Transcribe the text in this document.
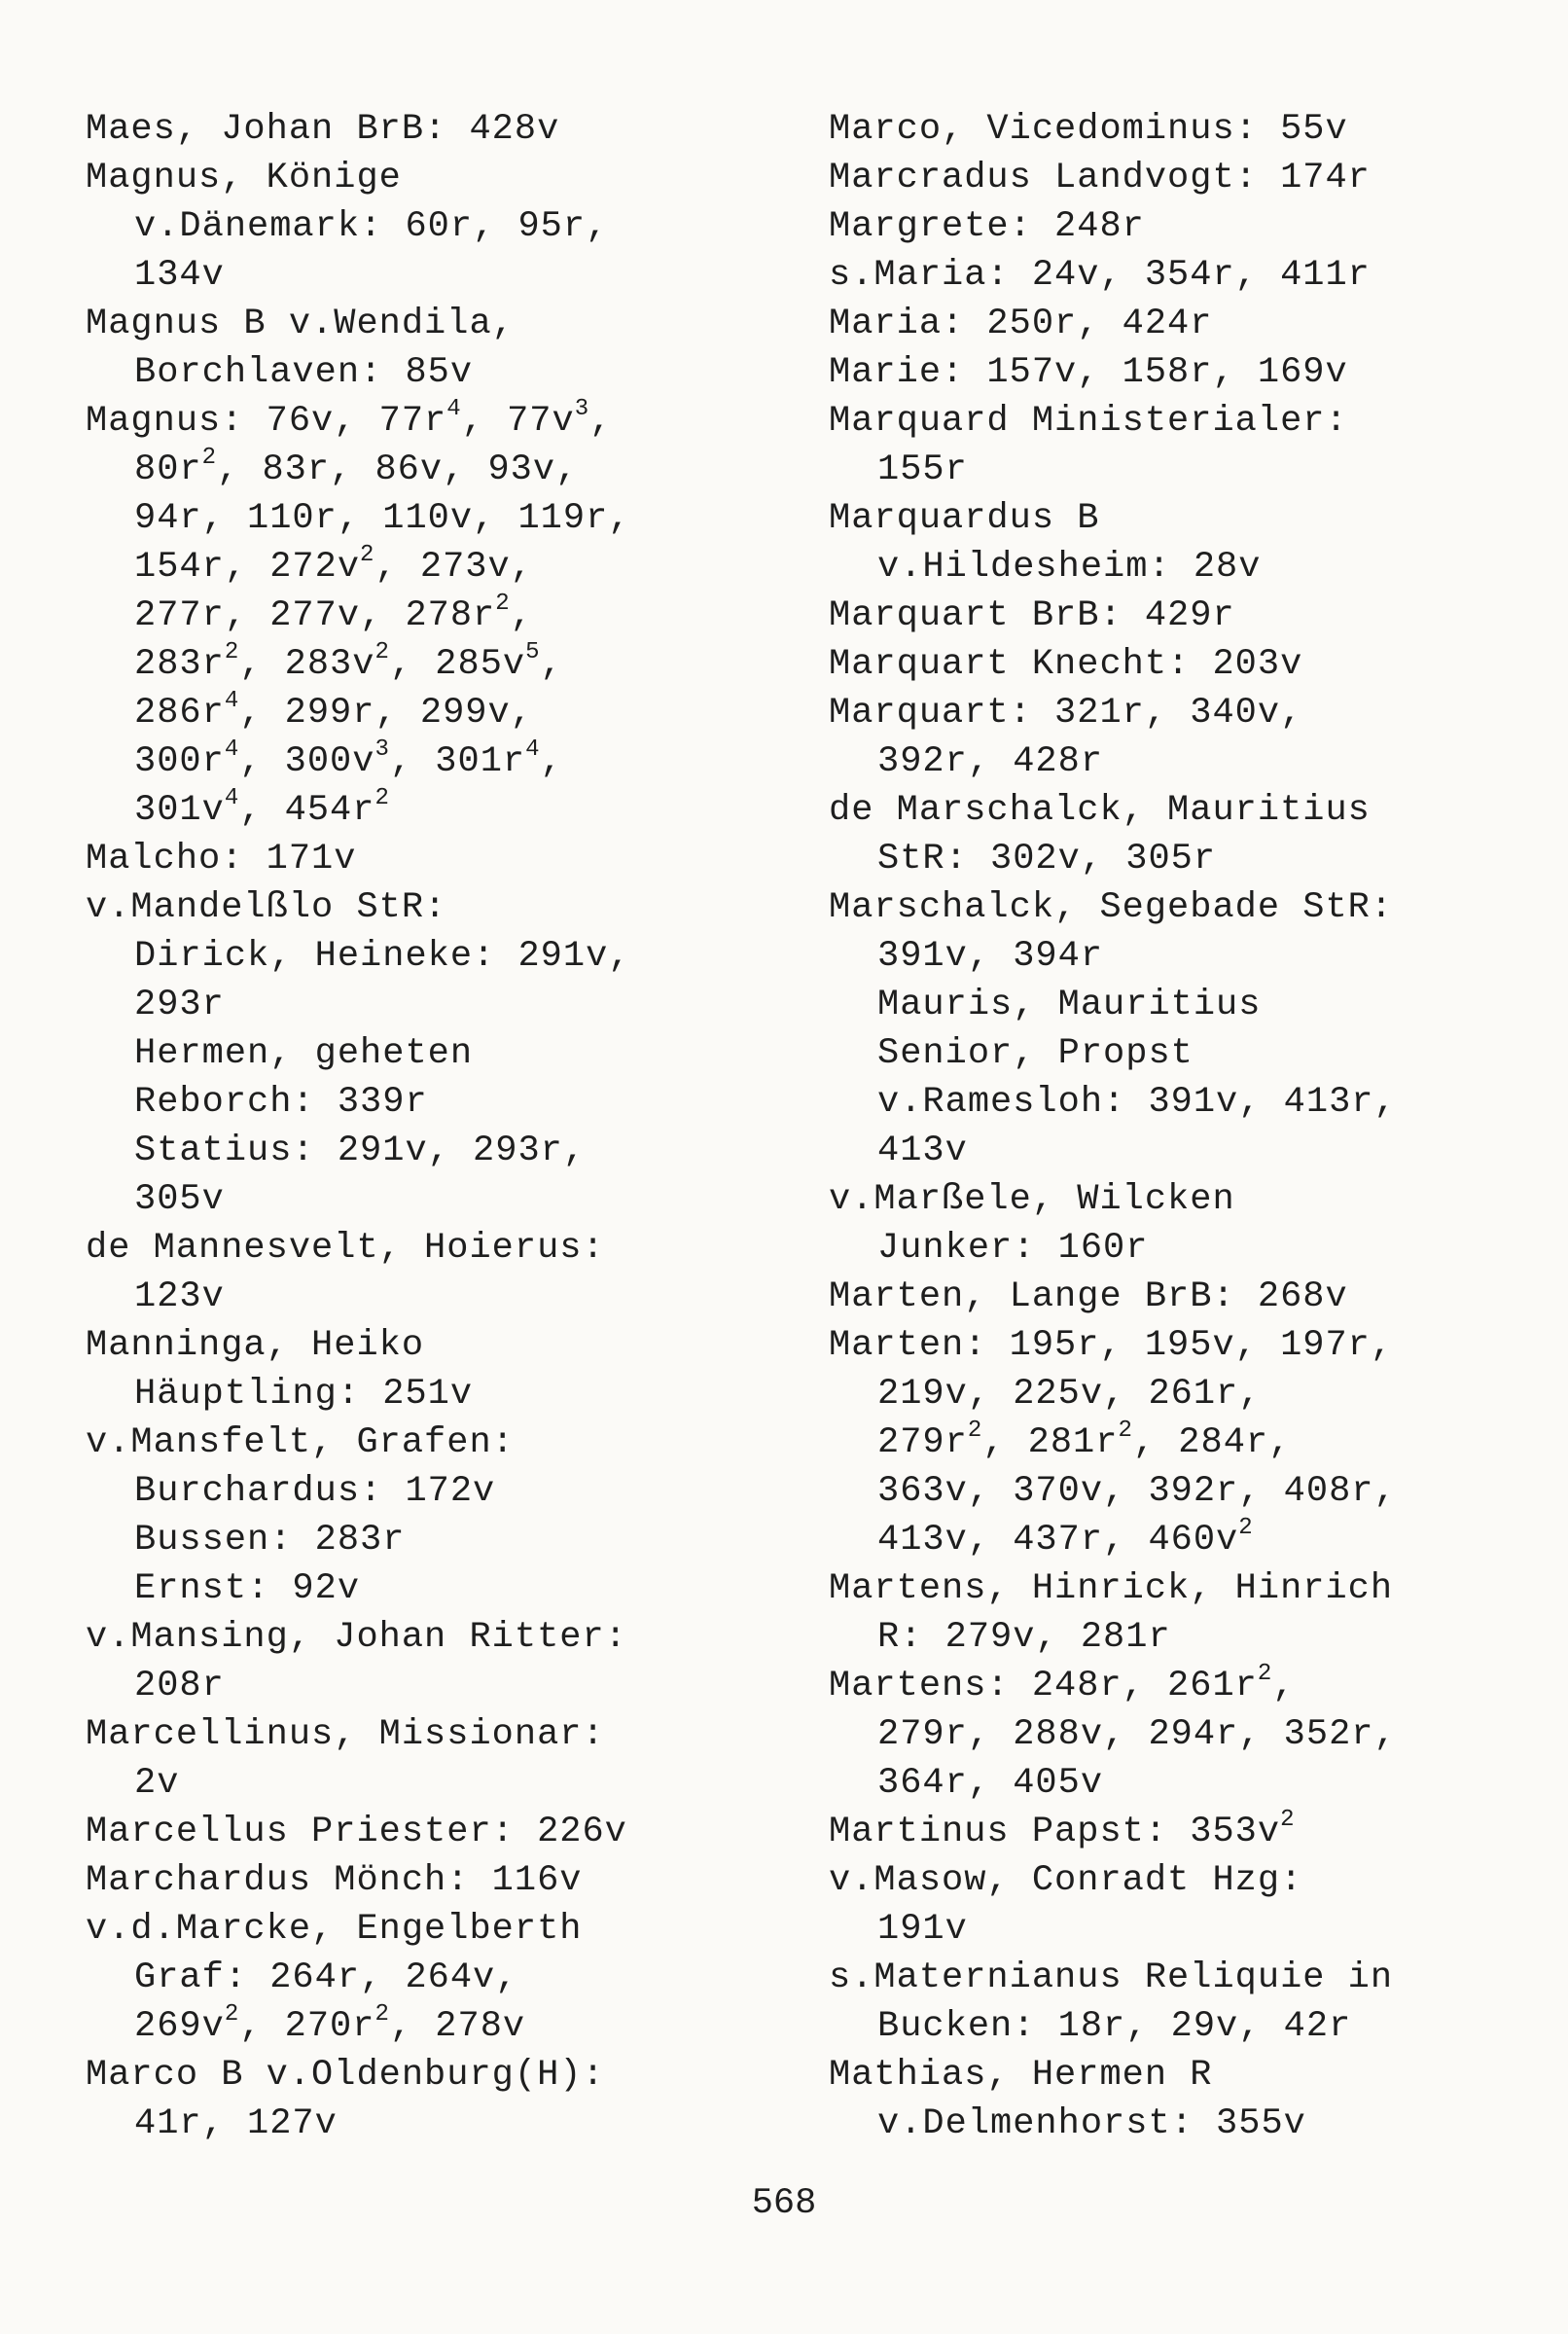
Maes, Johan BrB: 428v
Magnus, Könige
v.Dänemark: 60r, 95r,
134v
Magnus B v.Wendila,
Borchlaven: 85v
Magnus: 76v, $77r^4$, $77v^3$,
$80r^2$, 83r, 86v, 93v,
94r, 110r, 110v, 119r,
154r, $272v^2$, 273v,
277r, 277v, $278r^2$,
$283r^2$, $283v^2$, $285v^5$,
$286r^4$, 299r, 299v,
$300r^4$, $300v^3$, $301r^4$,
$301v^4$, $454r^2$
Malcho: 171v
v.Mandelßlo StR:
Dirick, Heineke: 291v,
293r
Hermen, geheten
Reborch: 339r
Statius: 291v, 293r,
305v
de Mannesvelt, Hoierus:
123v
Manninga, Heiko
Häuptling: 251v
v.Mansfelt, Grafen:
Burchardus: 172v
Bussen: 283r
Ernst: 92v
v.Mansing, Johan Ritter:
208r
Marcellinus, Missionar:
2v
Marcellus Priester: 226v
Marchardus Mönch: 116v
v.d.Marcke, Engelberth
Graf: 264r, 264v,
$269v^2$, $270r^2$, 278v
Marco B v.Oldenburg(H):
41r, 127v
Marco, Vicedominus: 55v
Marcradus Landvogt: 174r
Margrete: 248r
s.Maria: 24v, 354r, 411r
Maria: 250r, 424r
Marie: 157v, 158r, 169v
Marquard Ministerialer:
155r
Marquardus B
v.Hildesheim: 28v
Marquart BrB: 429r
Marquart Knecht: 203v
Marquart: 321r, 340v,
392r, 428r
de Marschalck, Mauritius
StR: 302v, 305r
Marschalck, Segebade StR:
391v, 394r
Mauris, Mauritius
Senior, Propst
v.Ramesloh: 391v, 413r,
413v
v.Marßele, Wilcken
Junker: 160r
Marten, Lange BrB: 268v
Marten: 195r, 195v, 197r,
219v, 225v, 261r,
$279r^2$, $281r^2$, 284r,
363v, 370v, 392r, 408r,
413v, 437r, $460v^2$
Martens, Hinrick, Hinrich
R: 279v, 281r
Martens: 248r, $261r^2$,
279r, 288v, 294r, 352r,
364r, 405v
Martinus Papst: $353v^2$
v.Masow, Conradt Hzg:
191v
s.Maternianus Reliquie in
Bucken: 18r, 29v, 42r
Mathias, Hermen R
v.Delmenhorst: 355v
568
